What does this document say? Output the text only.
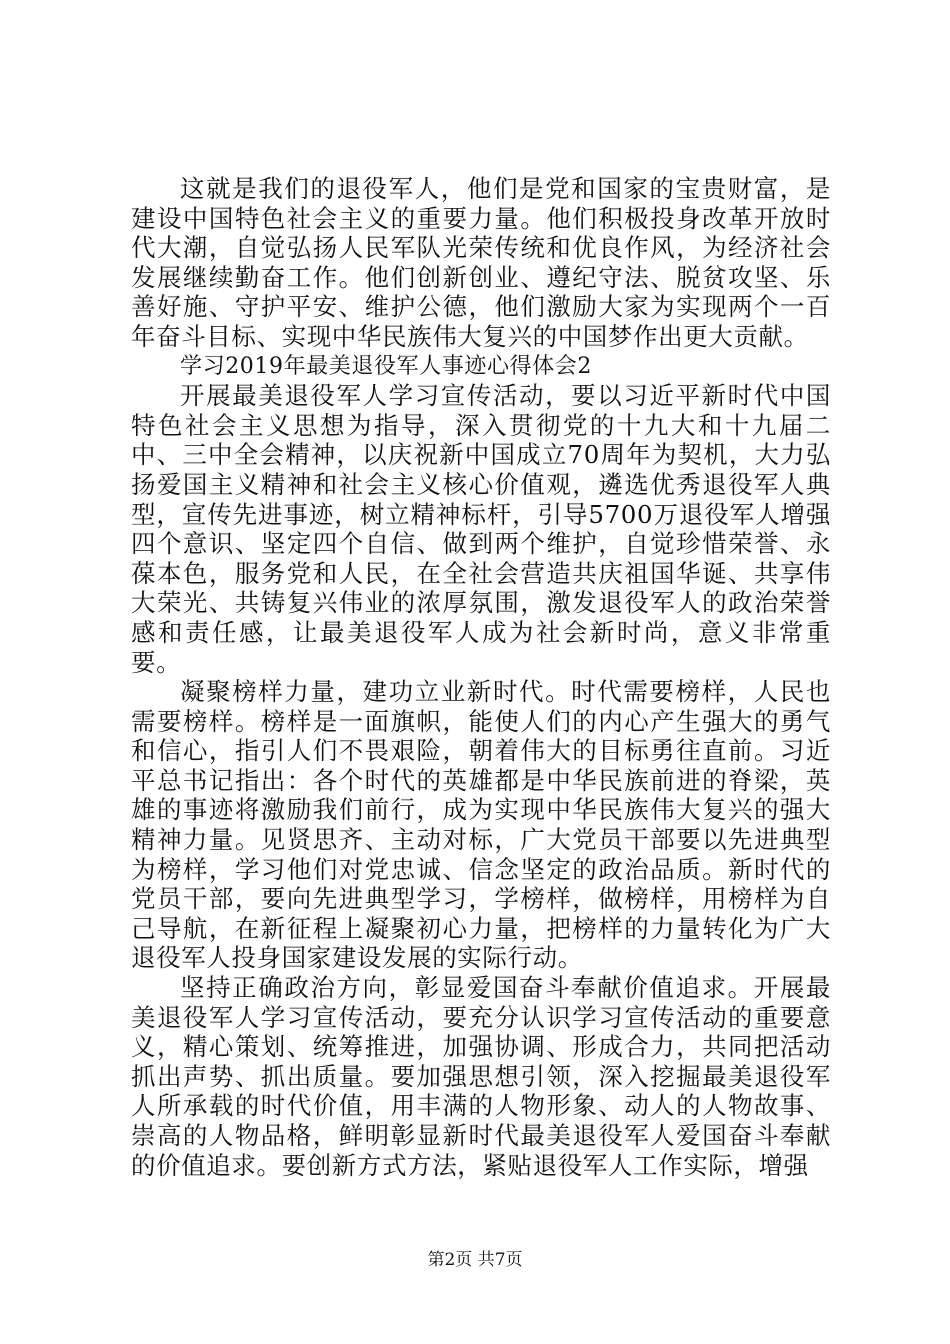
这就是我们的退役军人，他们是党和国家的宝贵财富，是建设中国特色社会主义的重要力量。他们积极投身改革开放时代大潮，自觉弘扬人民军队光荣传统和优良作风，为经济社会发展继续勤奋工作。他们创新创业、遵纪守法、脱贫攻坚、乐善好施、守护平安、维护公德，他们激励大家为实现两个一百年奋斗目标、实现中华民族伟大复兴的中国梦作出更大贡献。

学习2019年最美退役军人事迹心得体会2

开展最美退役军人学习宣传活动，要以习近平新时代中国特色社会主义思想为指导，深入贯彻党的十九大和十九届二中、三中全会精神，以庆祝新中国成立70周年为契机，大力弘扬爱国主义精神和社会主义核心价值观，遴选优秀退役军人典型，宣传先进事迹，树立精神标杆，引导5700万退役军人增强四个意识、坚定四个自信、做到两个维护，自觉珍惜荣誉、永葆本色，服务党和人民，在全社会营造共庆祖国华诞、共享伟大荣光、共铸复兴伟业的浓厚氛围，激发退役军人的政治荣誉感和责任感，让最美退役军人成为社会新时尚，意义非常重要。

凝聚榜样力量，建功立业新时代。时代需要榜样，人民也需要榜样。榜样是一面旗帜，能使人们的内心产生强大的勇气和信心，指引人们不畏艰险，朝着伟大的目标勇往直前。习近平总书记指出：各个时代的英雄都是中华民族前进的脊梁，英雄的事迹将激励我们前行，成为实现中华民族伟大复兴的强大精神力量。见贤思齐、主动对标，广大党员干部要以先进典型为榜样，学习他们对党忠诚、信念坚定的政治品质。新时代的党员干部，要向先进典型学习，学榜样，做榜样，用榜样为自己导航，在新征程上凝聚初心力量，把榜样的力量转化为广大退役军人投身国家建设发展的实际行动。

坚持正确政治方向，彰显爱国奋斗奉献价值追求。开展最美退役军人学习宣传活动，要充分认识学习宣传活动的重要意义，精心策划、统筹推进，加强协调、形成合力，共同把活动抓出声势、抓出质量。要加强思想引领，深入挖掘最美退役军人所承载的时代价值，用丰满的人物形象、动人的人物故事、崇高的人物品格，鲜明彰显新时代最美退役军人爱国奋斗奉献的价值追求。要创新方式方法，紧贴退役军人工作实际，增强

第2页 共7页
